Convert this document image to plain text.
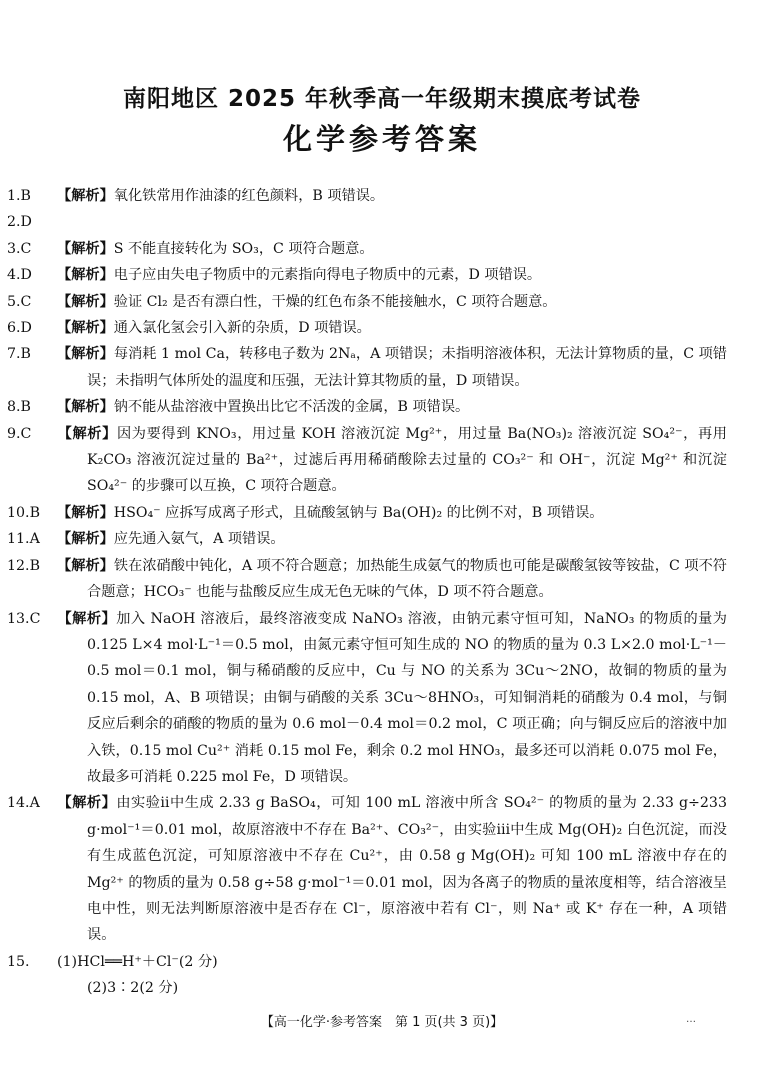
南阳地区 2025 年秋季高一年级期末摸底考试卷
化学参考答案
1.B 【解析】氧化铁常用作油漆的红色颜料，B 项错误。
2.D
3.C 【解析】S 不能直接转化为 SO₃，C 项符合题意。
4.D 【解析】电子应由失电子物质中的元素指向得电子物质中的元素，D 项错误。
5.C 【解析】验证 Cl₂ 是否有漂白性，干燥的红色布条不能接触水，C 项符合题意。
6.D 【解析】通入氯化氢会引入新的杂质，D 项错误。
7.B 【解析】每消耗 1 mol Ca，转移电子数为 2Nₐ，A 项错误；未指明溶液体积，无法计算物质的量，C 项错误；未指明气体所处的温度和压强，无法计算其物质的量，D 项错误。
8.B 【解析】钠不能从盐溶液中置换出比它不活泼的金属，B 项错误。
9.C 【解析】因为要得到 KNO₃，用过量 KOH 溶液沉淀 Mg²⁺，用过量 Ba(NO₃)₂ 溶液沉淀 SO₄²⁻，再用 K₂CO₃ 溶液沉淀过量的 Ba²⁺，过滤后再用稀硝酸除去过量的 CO₃²⁻ 和 OH⁻，沉淀 Mg²⁺ 和沉淀 SO₄²⁻ 的步骤可以互换，C 项符合题意。
10.B 【解析】HSO₄⁻ 应拆写成离子形式，且硫酸氢钠与 Ba(OH)₂ 的比例不对，B 项错误。
11.A 【解析】应先通入氨气，A 项错误。
12.B 【解析】铁在浓硝酸中钝化，A 项不符合题意；加热能生成氨气的物质也可能是碳酸氢铵等铵盐，C 项不符合题意；HCO₃⁻ 也能与盐酸反应生成无色无味的气体，D 项不符合题意。
13.C 【解析】加入 NaOH 溶液后，最终溶液变成 NaNO₃ 溶液，由钠元素守恒可知，NaNO₃ 的物质的量为 0.125 L×4 mol·L⁻¹＝0.5 mol，由氮元素守恒可知生成的 NO 的物质的量为 0.3 L×2.0 mol·L⁻¹－0.5 mol＝0.1 mol，铜与稀硝酸的反应中，Cu 与 NO 的关系为 3Cu～2NO，故铜的物质的量为 0.15 mol，A、B 项错误；由铜与硝酸的关系 3Cu～8HNO₃，可知铜消耗的硝酸为 0.4 mol，与铜反应后剩余的硝酸的物质的量为 0.6 mol－0.4 mol＝0.2 mol，C 项正确；向与铜反应后的溶液中加入铁，0.15 mol Cu²⁺ 消耗 0.15 mol Fe，剩余 0.2 mol HNO₃，最多还可以消耗 0.075 mol Fe，故最多可消耗 0.225 mol Fe，D 项错误。
14.A 【解析】由实验ⅱ中生成 2.33 g BaSO₄，可知 100 mL 溶液中所含 SO₄²⁻ 的物质的量为 2.33 g÷233 g·mol⁻¹＝0.01 mol，故原溶液中不存在 Ba²⁺、CO₃²⁻，由实验ⅲ中生成 Mg(OH)₂ 白色沉淀，而没有生成蓝色沉淀，可知原溶液中不存在 Cu²⁺，由 0.58 g Mg(OH)₂ 可知 100 mL 溶液中存在的 Mg²⁺ 的物质的量为 0.58 g÷58 g·mol⁻¹＝0.01 mol，因为各离子的物质的量浓度相等，结合溶液呈电中性，则无法判断原溶液中是否存在 Cl⁻，原溶液中若有 Cl⁻，则 Na⁺ 或 K⁺ 存在一种，A 项错误。
15. (1)HCl══H⁺＋Cl⁻(2 分)
(2)3∶2(2 分)
【高一化学·参考答案　第 1 页(共 3 页)】	…
